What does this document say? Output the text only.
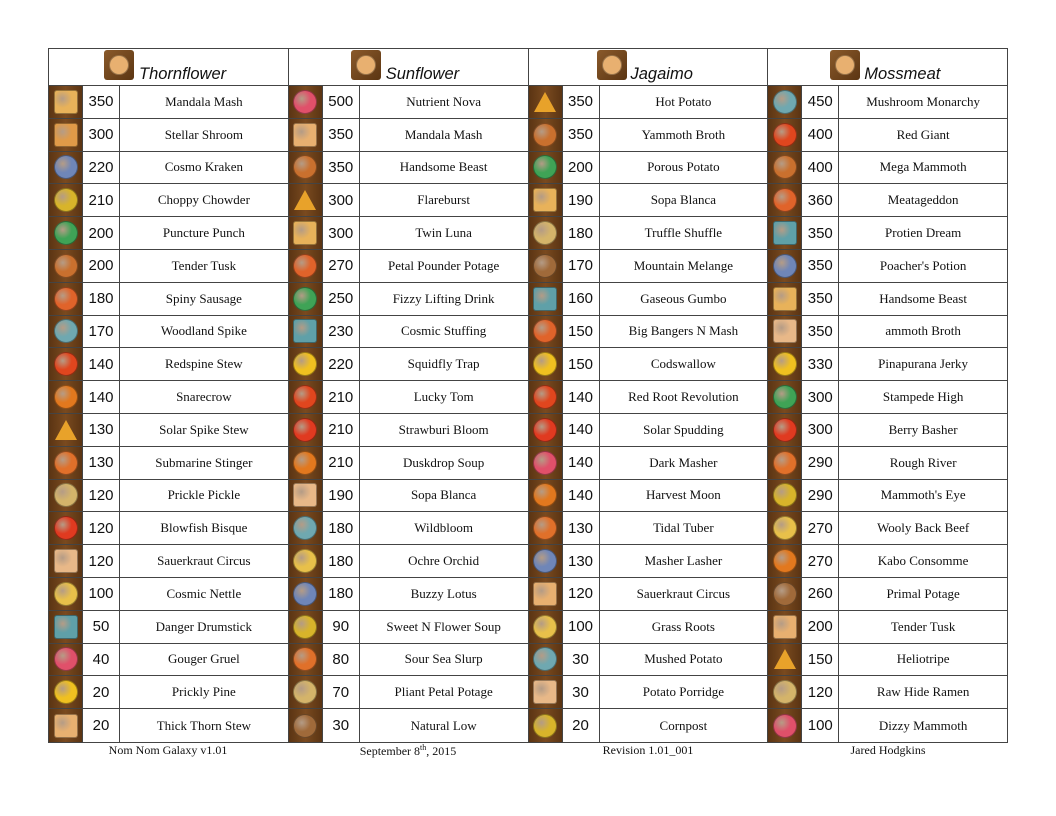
Thornflower
350	Mandala Mash
300	Stellar Shroom
220	Cosmo Kraken
210	Choppy Chowder
200	Puncture Punch
200	Tender Tusk
180	Spiny Sausage
170	Woodland Spike
140	Redspine Stew
140	Snarecrow
130	Solar Spike Stew
130	Submarine Stinger
120	Prickle Pickle
120	Blowfish Bisque
120	Sauerkraut Circus
100	Cosmic Nettle
50	Danger Drumstick
40	Gouger Gruel
20	Prickly Pine
20	Thick Thorn Stew
Sunflower
500	Nutrient Nova
350	Mandala Mash
350	Handsome Beast
300	Flareburst
300	Twin Luna
270	Petal Pounder Potage
250	Fizzy Lifting Drink
230	Cosmic Stuffing
220	Squidfly Trap
210	Lucky Tom
210	Strawburi Bloom
210	Duskdrop Soup
190	Sopa Blanca
180	Wildbloom
180	Ochre Orchid
180	Buzzy Lotus
90	Sweet N Flower Soup
80	Sour Sea Slurp
70	Pliant Petal Potage
30	Natural Low
Jagaimo
350	Hot Potato
350	Yammoth Broth
200	Porous Potato
190	Sopa Blanca
180	Truffle Shuffle
170	Mountain Melange
160	Gaseous Gumbo
150	Big Bangers N Mash
150	Codswallow
140	Red Root Revolution
140	Solar Spudding
140	Dark Masher
140	Harvest Moon
130	Tidal Tuber
130	Masher Lasher
120	Sauerkraut Circus
100	Grass Roots
30	Mushed Potato
30	Potato Porridge
20	Cornpost
Mossmeat
450	Mushroom Monarchy
400	Red Giant
400	Mega Mammoth
360	Meatageddon
350	Protien Dream
350	Poacher's Potion
350	Handsome Beast
350	ammoth Broth
330	Pinapurana Jerky
300	Stampede High
300	Berry Basher
290	Rough River
290	Mammoth's Eye
270	Wooly Back Beef
270	Kabo Consomme
260	Primal Potage
200	Tender Tusk
150	Heliotripe
120	Raw Hide Ramen
100	Dizzy Mammoth
Nom Nom Galaxy v1.01	September 8th, 2015	Revision 1.01_001	Jared Hodgkins
